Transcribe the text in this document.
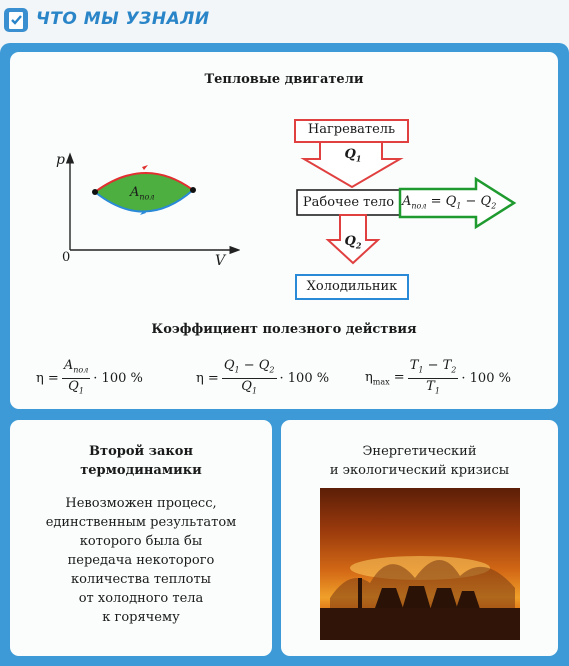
ЧТО МЫ УЗНАЛИ
Тепловые двигатели
p
0	V
$A_{пол}$
Нагреватель
$Q_1$
Рабочее тело $A_{пол} = Q_1 - Q_2$
$Q_2$
Холодильник
Коэффициент полезного действия
$\eta = \frac{A_{пол}}{Q_1} \cdot 100$ %	$\eta = \frac{Q_1 - Q_2}{Q_1} \cdot 100$ %	$\eta_{max} = \frac{T_1 - T_2}{T_1} \cdot 100$ %
Второй закон
термодинамики
Невозможен процесс,
единственным результатом
которого была бы
передача некоторого
количества теплоты
от холодного тела
к горячему
Энергетический
и экологический кризисы
